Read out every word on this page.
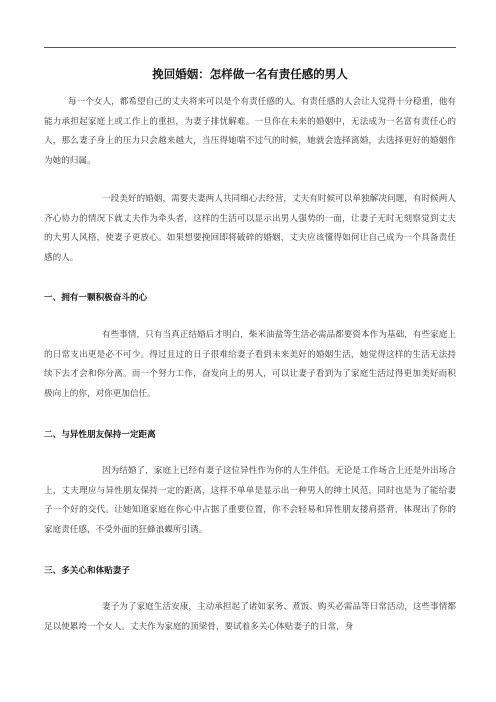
挽回婚姻：怎样做一名有责任感的男人

每一个女人，都希望自己的丈夫将来可以是个有责任感的人。有责任感的人会让人觉得十分稳重，他有能力承担起家庭上或工作上的重担，为妻子排忧解难。一旦你在未来的婚姻中，无法成为一名富有责任心的人，那么妻子身上的压力只会越来越大，当压得她喘不过气的时候，她就会选择离婚，去选择更好的婚姻作为她的归属。

一段美好的婚姻，需要夫妻两人共同细心去经营，丈夫有时候可以单独解决问题，有时候两人齐心协力的情况下就丈夫作为牵头者，这样的生活可以显示出男人强势的一面，让妻子无时无刻察觉到丈夫的大男人风格，使妻子更放心。如果想要挽回即将破碎的婚姻，丈夫应该懂得如何让自己成为一个具备责任感的人。

一、拥有一颗积极奋斗的心

有些事情，只有当真正结婚后才明白，柴米油盐等生活必需品都要资本作为基础，有些家庭上的日常支出更是必不可少。得过且过的日子很难给妻子看到未来美好的婚姻生活，她觉得这样的生活无法持续下去才会和你分离。而一个努力工作，奋发向上的男人，可以让妻子看到为了家庭生活过得更加美好而积极向上的你，对你更加信任。

二、与异性朋友保持一定距离

因为结婚了，家庭上已经有妻子这位异性作为你的人生伴侣。无论是工作场合上还是外出场合上，丈夫理应与异性朋友保持一定的距离，这样不单单是显示出一种男人的绅士风范，同时也是为了能给妻子一个好的交代。让她知道家庭在你心中占据了重要位置，你不会轻易和异性朋友搂肩搭背，体现出了你的家庭责任感，不受外面的狂蜂浪蝶所引诱。

三、多关心和体贴妻子

妻子为了家庭生活安康，主动承担起了诸如家务、煮饭、购买必需品等日常活动，这些事情都足以使累垮一个女人。丈夫作为家庭的顶梁骨，要试着多关心体贴妻子的日常，身
